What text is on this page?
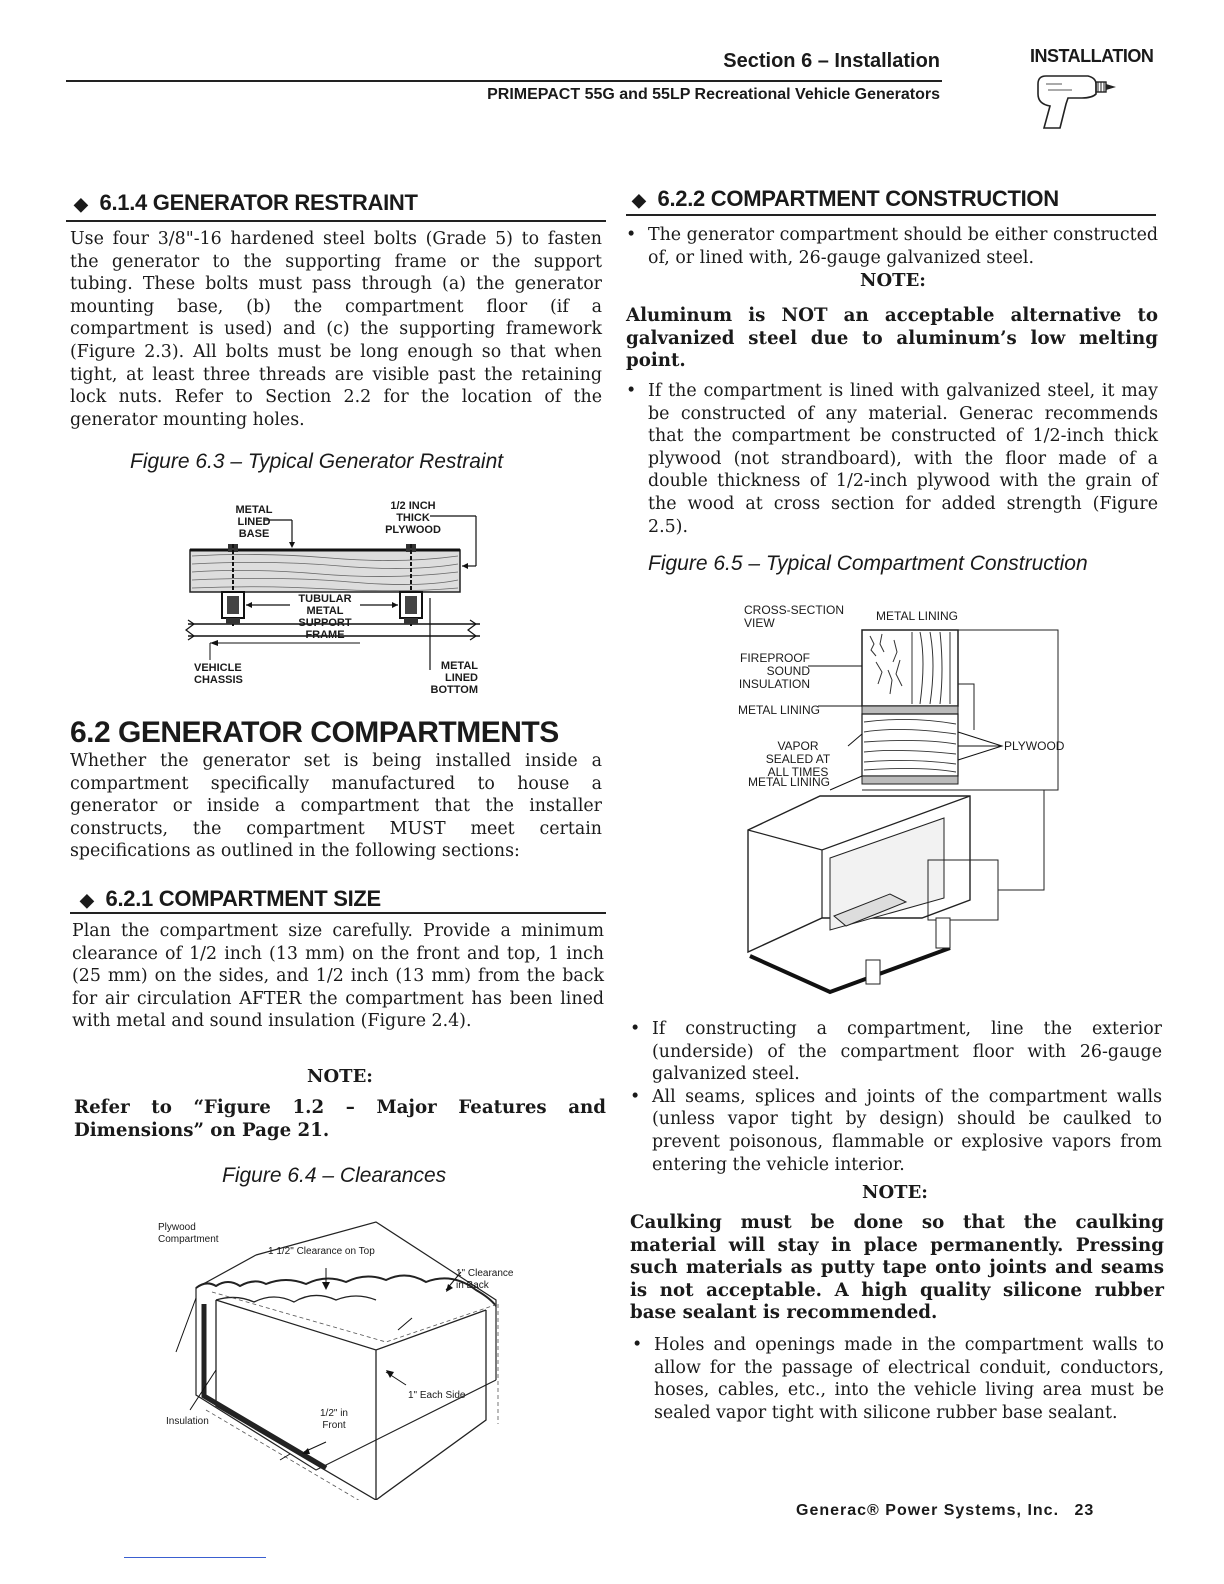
Section 6 – Installation
PRIMEPACT 55G and 55LP Recreational Vehicle Generators
INSTALLATION
◆ 6.1.4 GENERATOR RESTRAINT
Use four 3/8"-16 hardened steel bolts (Grade 5) to fasten the generator to the supporting frame or the support tubing. These bolts must pass through (a) the generator mounting base, (b) the compartment floor (if a compartment is used) and (c) the supporting framework (Figure 2.3). All bolts must be long enough so that when tight, at least three threads are visible past the retaining lock nuts. Refer to Section 2.2 for the location of the generator mounting holes.
Figure 6.3 – Typical Generator Restraint
METAL LINED BASE
1/2 INCH THICK PLYWOOD
TUBULAR METAL SUPPORT FRAME
VEHICLE CHASSIS
METAL LINED BOTTOM
6.2 GENERATOR COMPARTMENTS
Whether the generator set is being installed inside a compartment specifically manufactured to house a generator or inside a compartment that the installer constructs, the compartment MUST meet certain specifications as outlined in the following sections:
◆ 6.2.1 COMPARTMENT SIZE
Plan the compartment size carefully. Provide a minimum clearance of 1/2 inch (13 mm) on the front and top, 1 inch (25 mm) on the sides, and 1/2 inch (13 mm) from the back for air circulation AFTER the compartment has been lined with metal and sound insulation (Figure 2.4).
NOTE:
Refer to “Figure 1.2 – Major Features and Dimensions” on Page 21.
Figure 6.4 – Clearances
Plywood Compartment
1 1/2" Clearance on Top
1" Clearance in Back
1" Each Side
1/2" in Front
Insulation
◆ 6.2.2 COMPARTMENT CONSTRUCTION
• The generator compartment should be either constructed of, or lined with, 26-gauge galvanized steel.
NOTE:
Aluminum is NOT an acceptable alternative to galvanized steel due to aluminum’s low melting point.
• If the compartment is lined with galvanized steel, it may be constructed of any material. Generac recommends that the compartment be constructed of 1/2-inch thick plywood (not strandboard), with the floor made of a double thickness of 1/2-inch plywood with the grain of the wood at cross section for added strength (Figure 2.5).
Figure 6.5 – Typical Compartment Construction
CROSS-SECTION VIEW	METAL LINING
FIREPROOF SOUND INSULATION
METAL LINING
VAPOR SEALED AT ALL TIMES
PLYWOOD
METAL LINING
• If constructing a compartment, line the exterior (underside) of the compartment floor with 26-gauge galvanized steel.
• All seams, splices and joints of the compartment walls (unless vapor tight by design) should be caulked to prevent poisonous, flammable or explosive vapors from entering the vehicle interior.
NOTE:
Caulking must be done so that the caulking material will stay in place permanently. Pressing such materials as putty tape onto joints and seams is not acceptable. A high quality silicone rubber base sealant is recommended.
• Holes and openings made in the compartment walls to allow for the passage of electrical conduit, conductors, hoses, cables, etc., into the vehicle living area must be sealed vapor tight with silicone rubber base sealant.
Generac® Power Systems, Inc. 23
